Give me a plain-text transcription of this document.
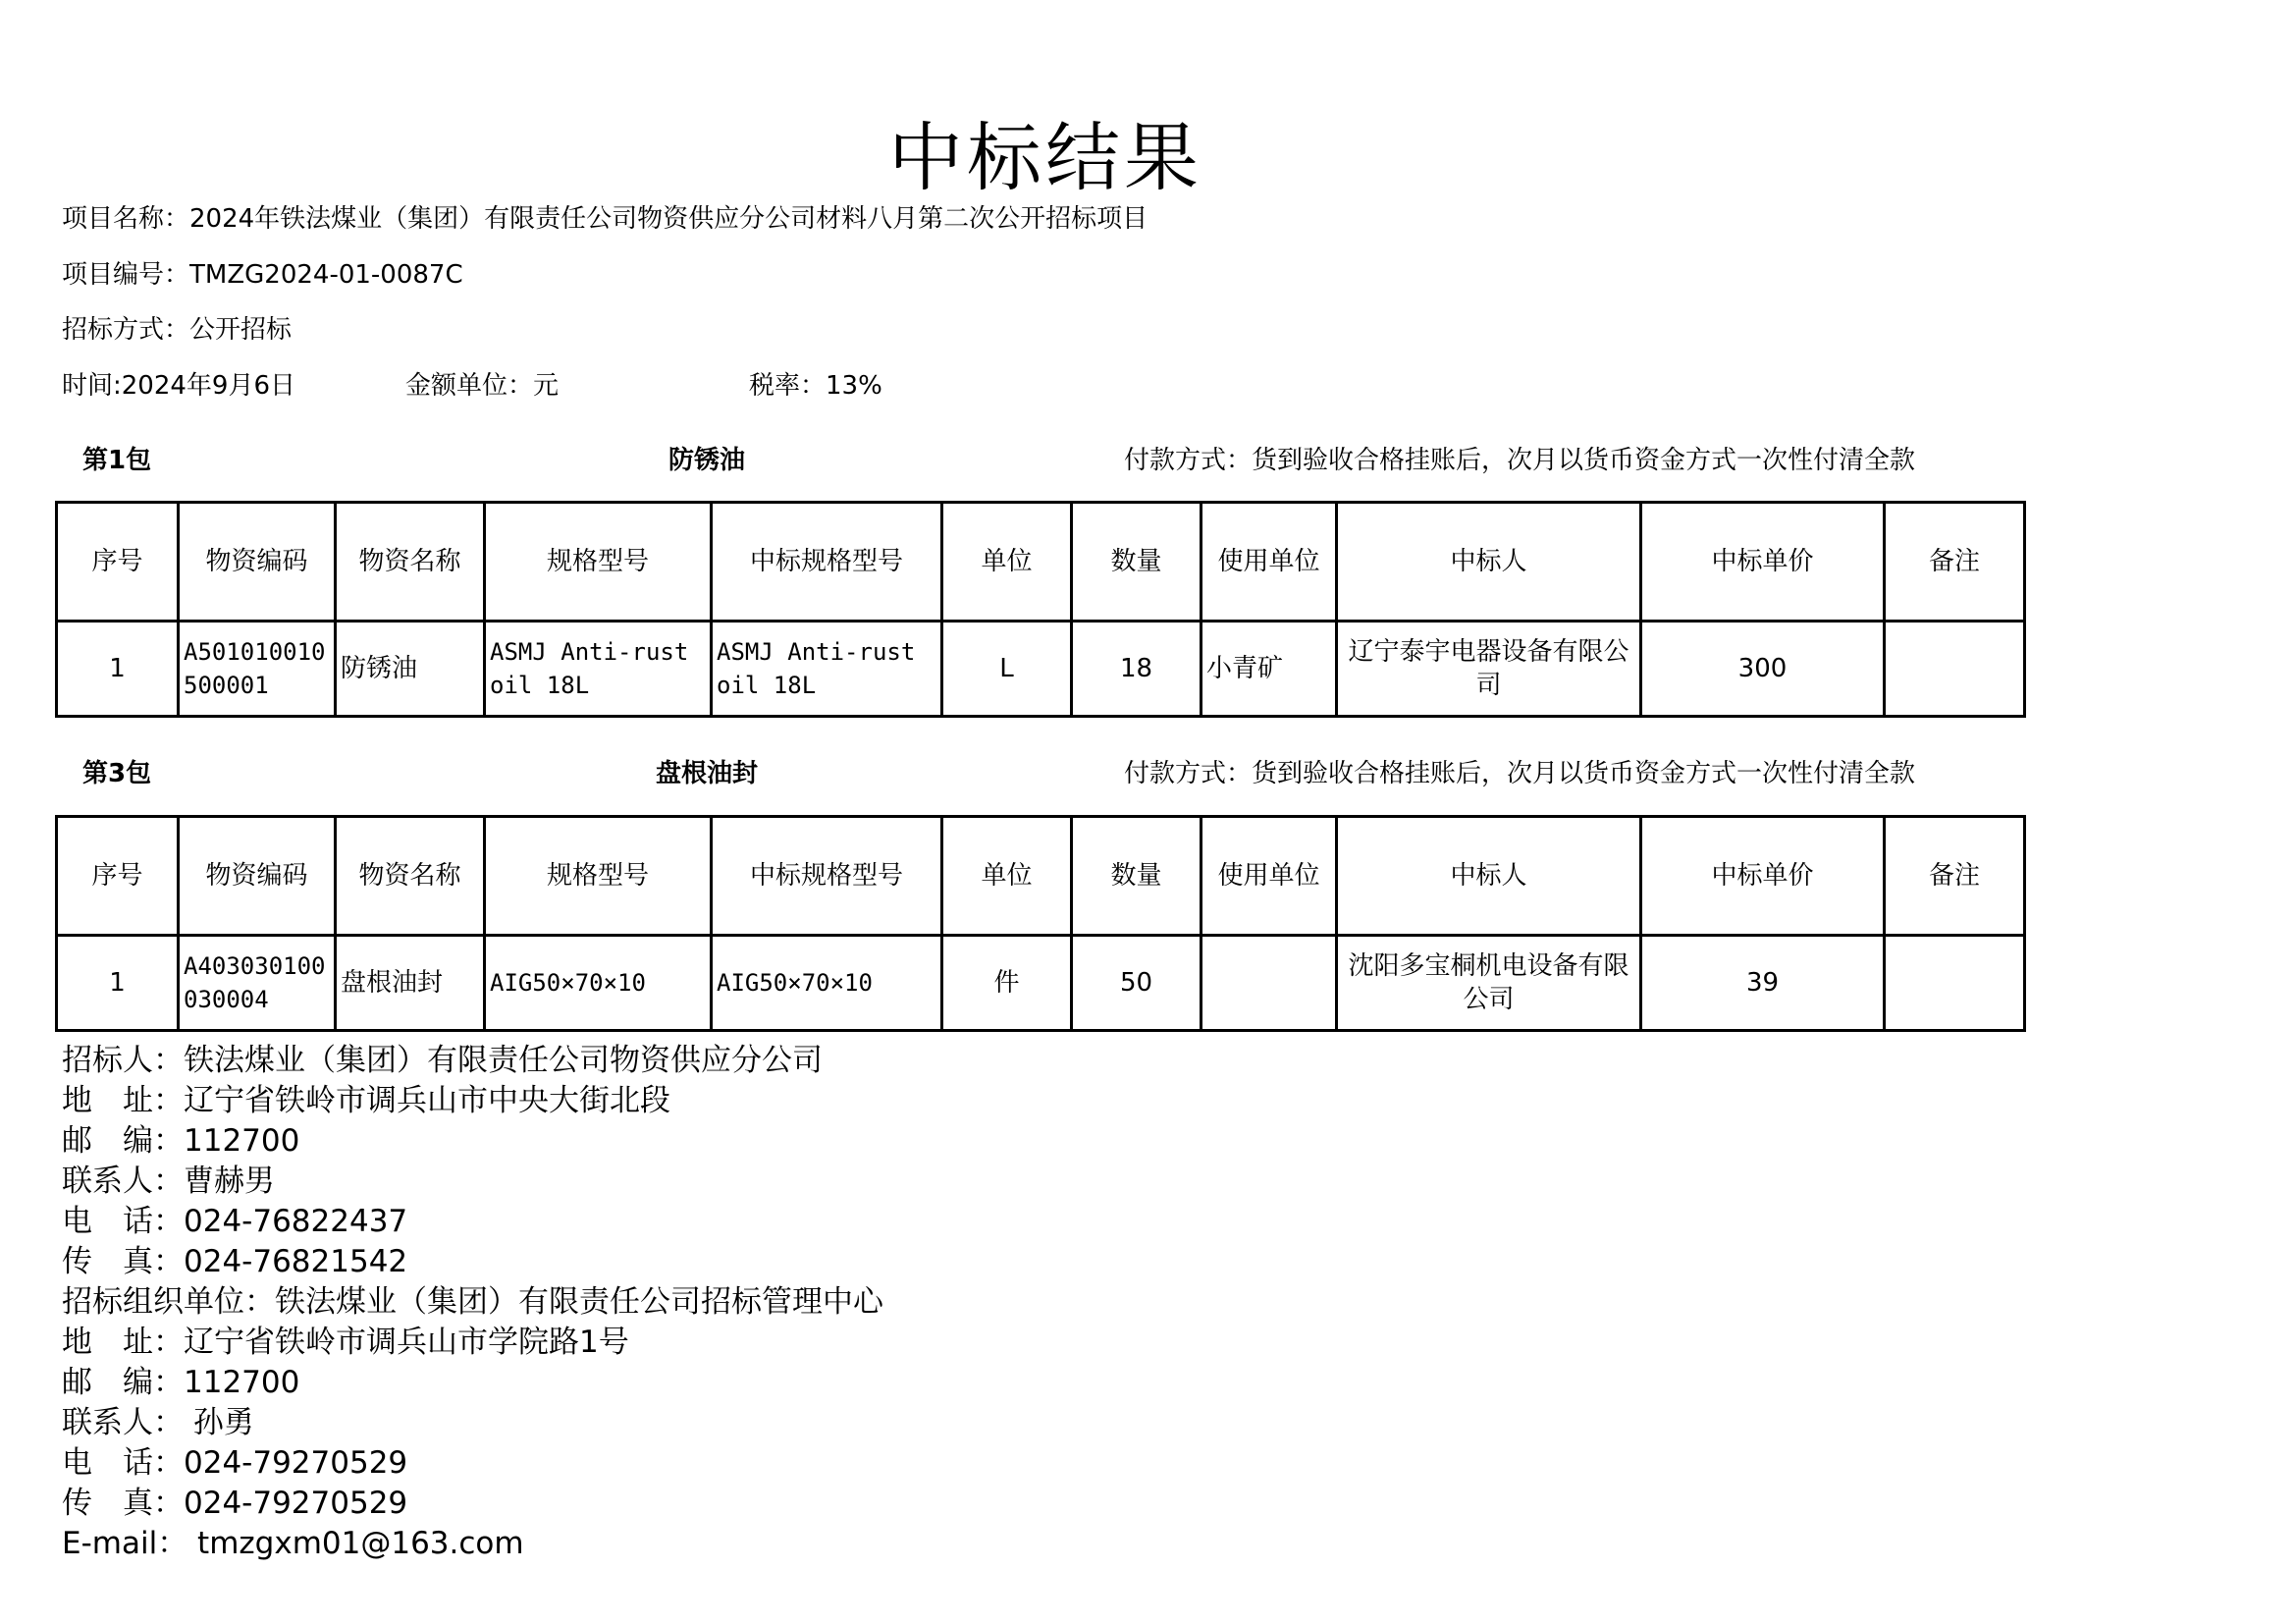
中标结果
项目名称：2024年铁法煤业（集团）有限责任公司物资供应分公司材料八月第二次公开招标项目
项目编号：TMZG2024-01-0087C
招标方式：公开招标
时间:2024年9月6日	金额单位：元	税率：13%
第1包	防锈油	付款方式：货到验收合格挂账后，次月以货币资金方式一次性付清全款
序号	物资编码	物资名称	规格型号	中标规格型号	单位	数量	使用单位	中标人	中标单价	备注
1	A501010010500001	防锈油	ASMJ Anti-rust oil 18L	ASMJ Anti-rust oil 18L	L	18	小青矿	辽宁泰宇电器设备有限公司	300	
第3包	盘根油封	付款方式：货到验收合格挂账后，次月以货币资金方式一次性付清全款
序号	物资编码	物资名称	规格型号	中标规格型号	单位	数量	使用单位	中标人	中标单价	备注
1	A403030100030004	盘根油封	AIG50×70×10	AIG50×70×10	件	50		沈阳多宝桐机电设备有限公司	39	
招标人：铁法煤业（集团）有限责任公司物资供应分公司
地　址：辽宁省铁岭市调兵山市中央大街北段
邮　编：112700
联系人：曹赫男
电　话：024-76822437
传　真：024-76821542
招标组织单位：铁法煤业（集团）有限责任公司招标管理中心
地　址：辽宁省铁岭市调兵山市学院路1号
邮　编：112700
联系人： 孙勇
电　话：024-79270529
传　真：024-79270529
E-mail： tmzgxm01@163.com
